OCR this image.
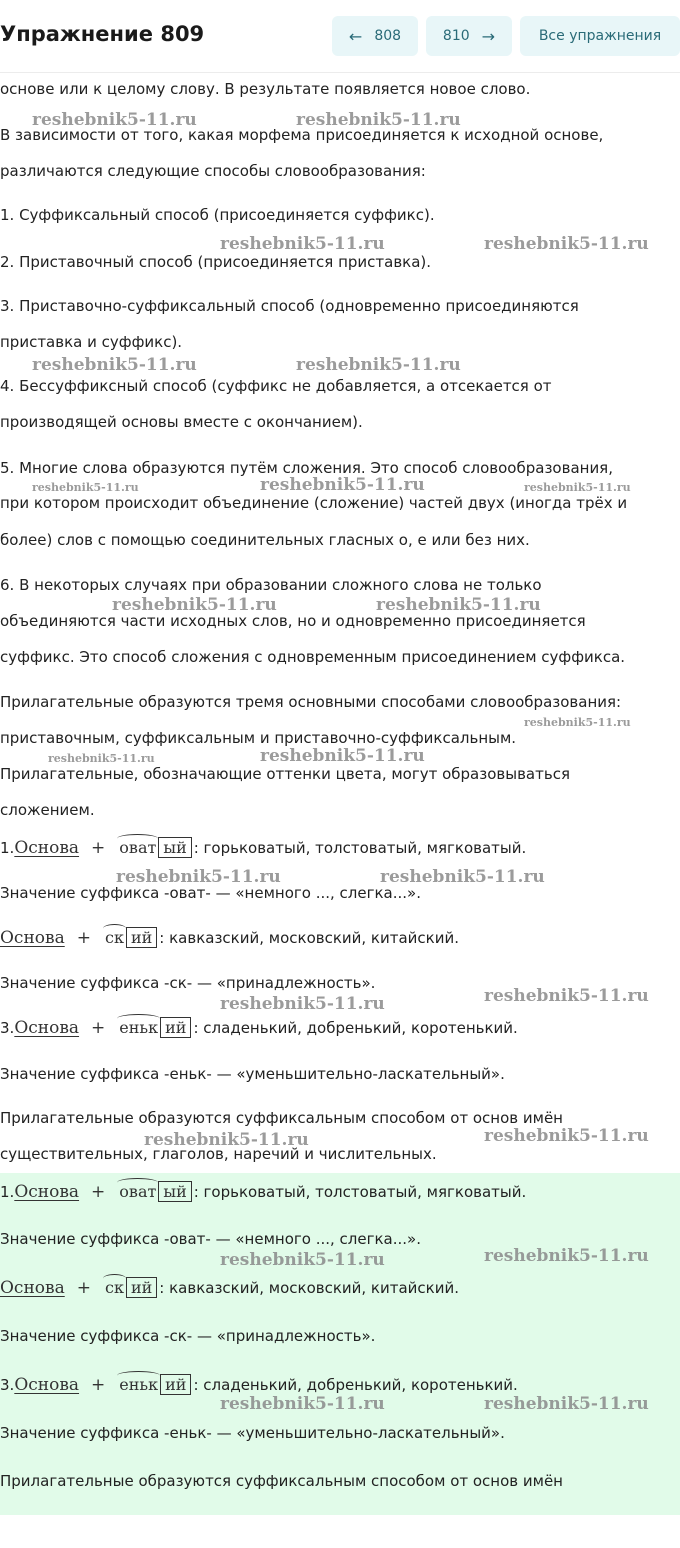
основе или к целому слову. В результате появляется новое слово.
В зависимости от того, какая морфема присоединяется к исходной основе,
различаются следующие способы словообразования:
1. Суффиксальный способ (присоединяется суффикс).
2. Приставочный способ (присоединяется приставка).
3. Приставочно-суффиксальный способ (одновременно присоединяются
приставка и суффикс).
4. Бессуффиксный способ (суффикс не добавляется, а отсекается от
производящей основы вместе с окончанием).
5. Многие слова образуются путём сложения. Это способ словообразования,
при котором происходит объединение (сложение) частей двух (иногда трёх и
более) слов с помощью соединительных гласных о, е или без них.
6. В некоторых случаях при образовании сложного слова не только
объединяются части исходных слов, но и одновременно присоединяется
суффикс. Это способ сложения с одновременным присоединением суффикса.
Прилагательные образуются тремя основными способами словообразования:
приставочным, суффиксальным и приставочно-суффиксальным.
Прилагательные, обозначающие оттенки цвета, могут образовываться
сложением.
1. Основа + оват ый : горьковатый, толстоватый, мягковатый.
Значение суффикса -оват- — «немного ..., слегка...».
Основа + ск ий : кавказский, московский, китайский.
Значение суффикса -ск- — «принадлежность».
3. Основа + еньк ий : сладенький, добренький, коротенький.
Значение суффикса -еньк- — «уменьшительно-ласкательный».
Прилагательные образуются суффиксальным способом от основ имён
существительных, глаголов, наречий и числительных.
1. Основа + оват ый : горьковатый, толстоватый, мягковатый.
Значение суффикса -оват- — «немного ..., слегка...».
Основа + ск ий : кавказский, московский, китайский.
Значение суффикса -ск- — «принадлежность».
3. Основа + еньк ий : сладенький, добренький, коротенький.
Значение суффикса -еньк- — «уменьшительно-ласкательный».
Прилагательные образуются суффиксальным способом от основ имён
reshebnik5-11.ru	reshebnik5-11.ru
reshebnik5-11.ru	reshebnik5-11.ru
reshebnik5-11.ru	reshebnik5-11.ru
reshebnik5-11.ru	reshebnik5-11.ru	reshebnik5-11.ru
reshebnik5-11.ru	reshebnik5-11.ru
reshebnik5-11.ru
reshebnik5-11.ru	reshebnik5-11.ru
reshebnik5-11.ru	reshebnik5-11.ru
reshebnik5-11.ru	reshebnik5-11.ru
reshebnik5-11.ru	reshebnik5-11.ru
reshebnik5-11.ru	reshebnik5-11.ru
reshebnik5-11.ru	reshebnik5-11.ru
Упражнение 809	← 808	810 →	Все упражнения
